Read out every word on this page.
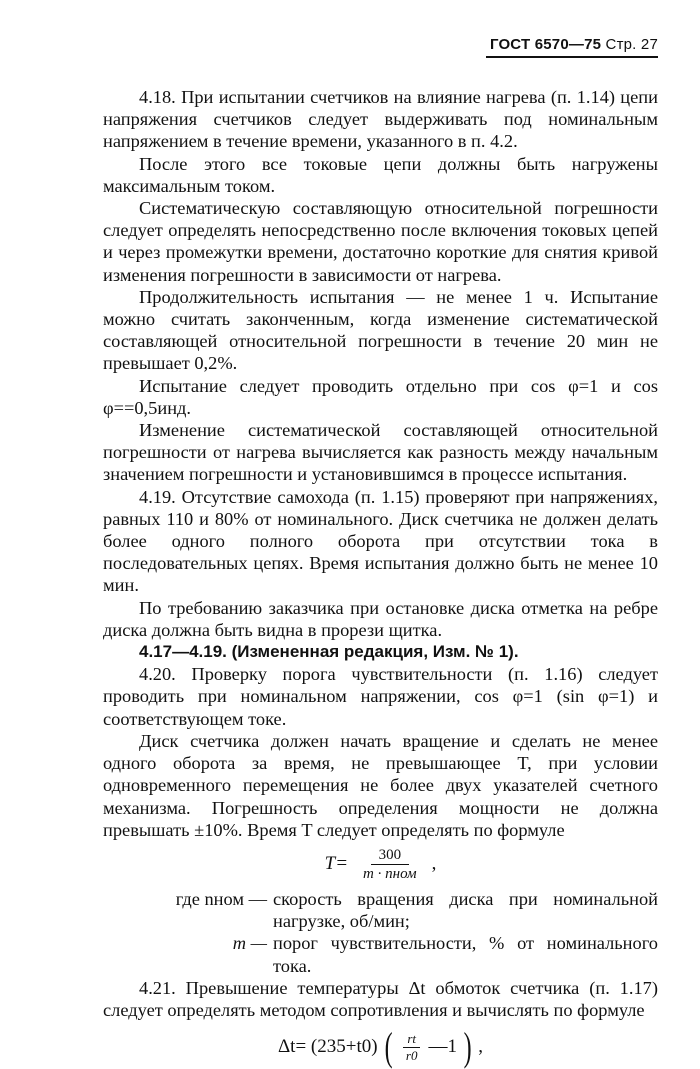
ГОСТ 6570—75 Стр. 27

4.18. При испытании счетчиков на влияние нагрева (п. 1.14) цепи напряжения счетчиков следует выдерживать под номинальным напряжением в течение времени, указанного в п. 4.2.

После этого все токовые цепи должны быть нагружены максимальным током.

Систематическую составляющую относительной погрешности следует определять непосредственно после включения токовых цепей и через промежутки времени, достаточно короткие для снятия кривой изменения погрешности в зависимости от нагрева.

Продолжительность испытания — не менее 1 ч. Испытание можно считать законченным, когда изменение систематической составляющей относительной погрешности в течение 20 мин не превышает 0,2%.

Испытание следует проводить отдельно при cos φ=1 и cos φ==0,5инд.

Изменение систематической составляющей относительной погрешности от нагрева вычисляется как разность между начальным значением погрешности и установившимся в процессе испытания.

4.19. Отсутствие самохода (п. 1.15) проверяют при напряжениях, равных 110 и 80% от номинального. Диск счетчика не должен делать более одного полного оборота при отсутствии тока в последовательных цепях. Время испытания должно быть не менее 10 мин.

По требованию заказчика при остановке диска отметка на ребре диска должна быть видна в прорези щитка.

4.17—4.19. (Измененная редакция, Изм. № 1).

4.20. Проверку порога чувствительности (п. 1.16) следует проводить при номинальном напряжении, cos φ=1 (sin φ=1) и соответствующем токе.

Диск счетчика должен начать вращение и сделать не менее одного оборота за время, не превышающее T, при условии одновременного перемещения не более двух указателей счетного механизма. Погрешность определения мощности не должна превышать ±10%. Время T следует определять по формуле

$T= \frac{300}{\text{m · nном}}$ ,
где nном — скорость вращения диска при номинальной нагрузке, об/мин;
m — порог чувствительности, % от номинального тока.

4.21. Превышение температуры Δt обмоток счетчика (п. 1.17) следует определять методом сопротивления и вычислять по формуле

Δt= (235+t0) ( $\frac{rt}{r0}$ —1 ) ,
